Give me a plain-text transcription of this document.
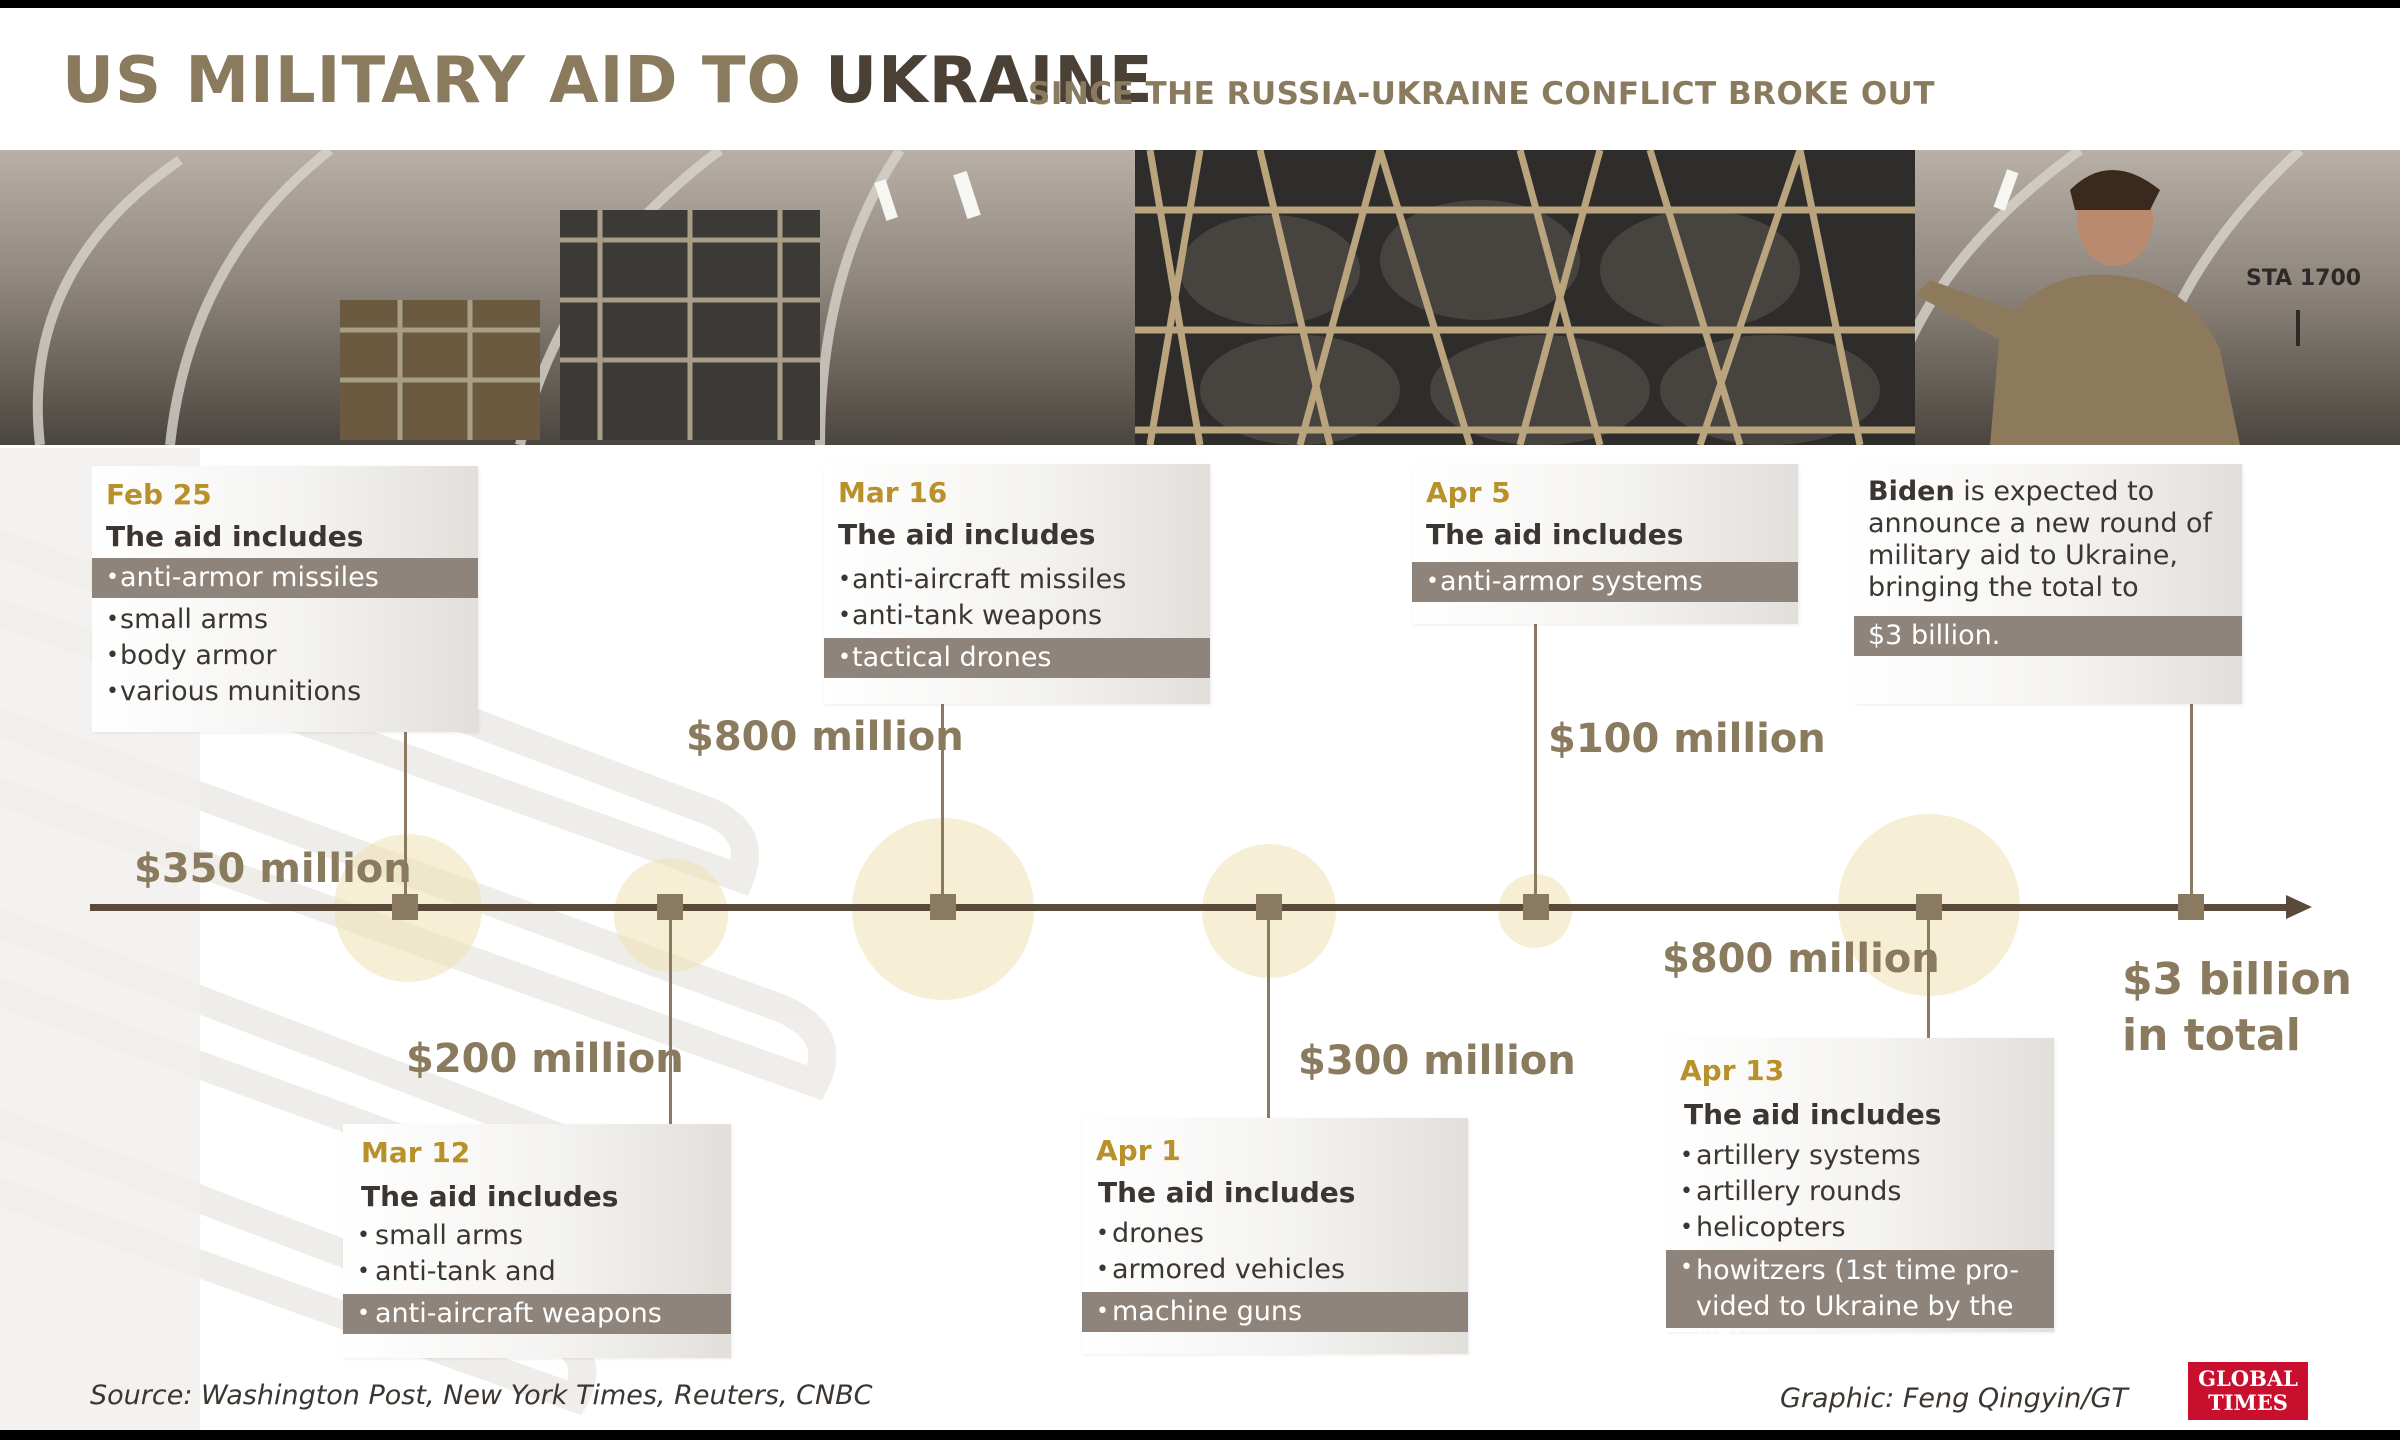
US MILITARY AID TO UKRAINE
SINCE THE RUSSIA-UKRAINE CONFLICT BROKE OUT
STA 1700
$350 million
$200 million
$800 million
$300 million
$100 million
$800 million	$3 billion
in total
Feb 25
The aid includes
• anti-armor missiles
• small arms
• body armor
• various munitions
Mar 12
The aid includes
• small arms
• anti-tank and
• anti-aircraft weapons
Mar 16
The aid includes
• anti-aircraft missiles
• anti-tank weapons
• tactical drones
Apr 1
The aid includes
• drones
• armored vehicles
• machine guns
Apr 5
The aid includes
• anti-armor systems
Apr 13
The aid includes
• artillery systems
• artillery rounds
• helicopters
• howitzers (1st time pro-vided to Ukraine by the US)
Biden is expected to announce a new round of military aid to Ukraine, bringing the total to
$3 billion.
Source: Washington Post, New York Times, Reuters, CNBC	Graphic: Feng Qingyin/GT
GLOBAL
TIMES
